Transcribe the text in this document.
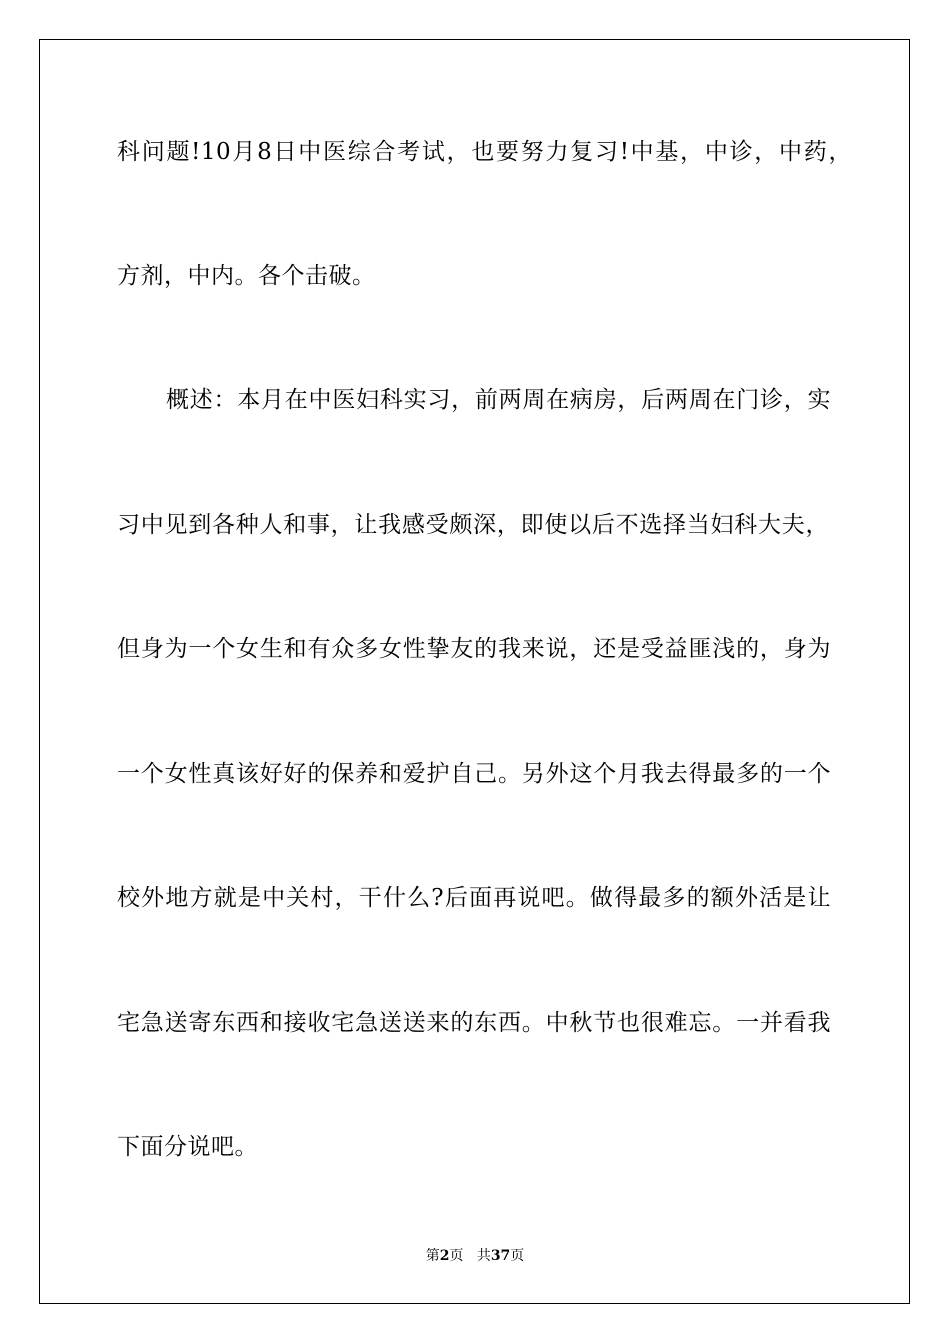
科问题!10月8日中医综合考试，也要努力复习!中基，中诊，中药，
方剂，中内。各个击破。
概述：本月在中医妇科实习，前两周在病房，后两周在门诊，实
习中见到各种人和事，让我感受颇深，即使以后不选择当妇科大夫，
但身为一个女生和有众多女性挚友的我来说，还是受益匪浅的，身为
一个女性真该好好的保养和爱护自己。另外这个月我去得最多的一个
校外地方就是中关村，干什么?后面再说吧。做得最多的额外活是让
宅急送寄东西和接收宅急送送来的东西。中秋节也很难忘。一并看我
下面分说吧。
第2页 共37页
